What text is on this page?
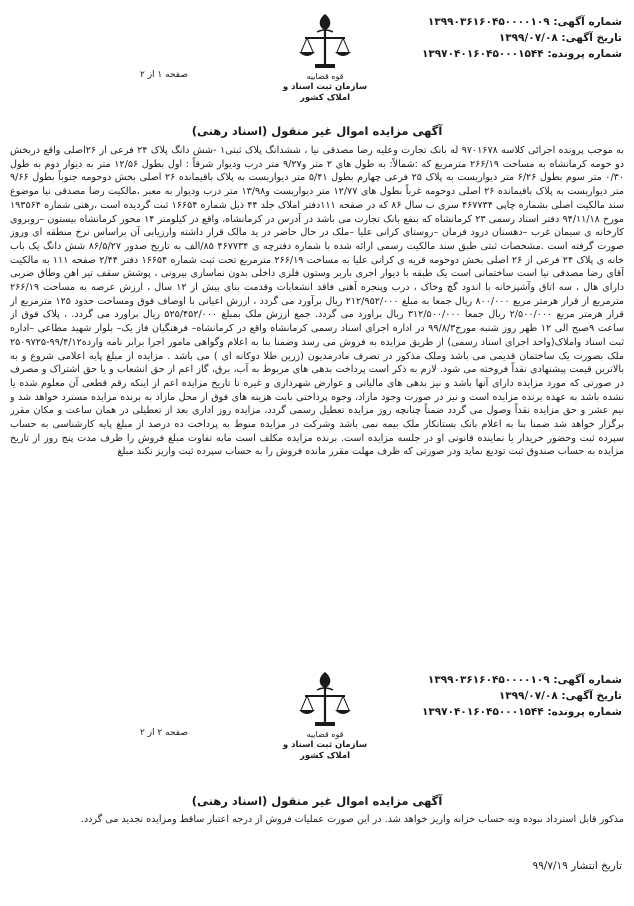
شماره آگهی: ۱۳۹۹۰۳۶۱۶۰۴۵۰۰۰۰۱۰۹
تاریخ آگهی: ۱۳۹۹/۰۷/۰۸
شماره پرونده: ۱۳۹۷۰۴۰۱۶۰۴۵۰۰۰۱۵۴۴
قوه قضاییه
سازمان ثبت اسناد و املاک کشور
صفحه ۱ از ۲
آگهی مزایده اموال غیر منقول (اسناد رهنی)
به موجب پرونده اجرائی کلاسه ۹۷۰۱۶۷۸ له بانک تجارت وعلیه رضا مصدقی نیا ، ششدانگ پلاک ثبتی۱ -شش دانگ پلاک ۲۴ فرعی از ۲۶اصلی واقع دربخش دو حومه کرمانشاه به مساحت ۲۶۶/۱۹ مترمربع که :شمالاً: به طول های ۲ متر و۹/۲۷ متر درب ودیوار شرقاً : اول بطول ۱۲/۵۶ متر به دیوار دوم به طول ۰/۳۰ متر سوم بطول ۶/۲۶ متر دیواربست به پلاک ۲۵ فرعی چهارم بطول ۵/۴۱ متر دیواربست به پلاک باقیمانده ۲۶ اصلی بخش دوحومه جنوباً بطول ۹/۶۶ متر دیواربست به پلاک باقیمانده ۲۶ اصلی دوحومه غرباً بطول های ۱۲/۷۷ متر دیواربست و۱۳/۹۸ متر درب ودیوار به معبر ،مالکیت رضا مصدقی نیا موضوع سند مالکیت اصلی بشماره چاپی ۴۶۷۷۳۴ سری ب سال ۸۶ که در صفحه ۱۱۱دفتر املاک جلد ۴۴ ذیل شماره ۱۶۶۵۴ ثبت گردیده است ،رهنی شماره ۱۹۳۵۶۴ مورخ ۹۴/۱۱/۱۸ دفتر اسناد رسمی ۲۳ کرمانشاه که بنفع بانک تجارت می باشد در آدرس در کرمانشاه، واقع در کیلومتر ۱۴ محور کرمانشاه بیستون –روبروی کارخانه ی سیمان غرب –دهستان درود فرمان –روستای کرانی علیا –ملک در حال حاضر در ید مالک قرار داشته وارزیابی آن براساس نرخ منطقه ای وروز صورت گرفته است .مشخصات ثبتی طبق سند مالکیت رسمی ارائه شده با شماره دفترچه ی ۴۶۷۷۳۴ ۸۵/الف به تاریخ صدور ۸۶/۵/۲۷ شش دانگ یک باب خانه ی پلاک ۲۴ فرعی از ۲۶ اصلی بخش دوحومه قریه ی کرانی علیا به مساحت ۲۶۶/۱۹ مترمربع تحت ثبت شماره ۱۶۶۵۴ دفتر ۲/۴۴ صفحه ۱۱۱ به مالکیت آقای رضا مصدقی نیا است ساختمانی است یک طبقه با دیوار اجری باربر وستون فلزی داخلی بدون نماسازی بیرونی ، پوشش سقف تیر اهن وطاق ضربی دارای هال ، سه اتاق وآشپزخانه با اندود گچ وخاک ، درب وپنجره آهنی فاقد انشعابات وقدمت بنای بیش از ۱۲ سال ، ارزش عرصه به مساحت ۲۶۶/۱۹ مترمربع از قرار هرمتر مربع ۸۰۰/۰۰۰ ریال جمعا به مبلغ ۲۱۲/۹۵۲/۰۰۰ ریال برآورد می گردد ، ارزش اعیانی با اوصاف فوق ومساحت حدود ۱۲۵ مترمربع از قرار هرمتر مربع ۲/۵۰۰/۰۰۰ ریال جمعا ۳۱۲/۵۰۰/۰۰۰ ریال براورد می گردد. جمع ارزش ملک بمبلغ ۵۲۵/۴۵۲/۰۰۰ ریال براورد می گردد. ، پلاک فوق از ساعت ۹صبح الی ۱۲ ظهر روز شنبه مورخ۹۹/۸/۳ در اداره اجرای اسناد رسمی کرمانشاه واقع در کرمانشاه– فرهنگیان فاز یک– بلوار شهید مطاعی –اداره ثبت اسناد واملاک(واحد اجرای اسناد رسمی) از طریق مزایده به فروش می رسد وضمنا بنا به اعلام وگواهی مامور اجرا برابر نامه وارده۹۹/۴/۱۲-۲۵۰۹۷۲۵ ملک بصورت یک ساختمان قدیمی می باشد وملک مذکور در تصرف مادرمدیون (زرین طلا دوکانه ای ) می باشد . مزایده از مبلغ پایه اعلامی شروع و به بالاترین قیمت پیشنهادی نقداً فروخته می شود. لازم به ذکر است پرداخت بدهی های مربوط به آب، برق، گاز اعم از حق انشعاب و یا حق اشتراک و مصرف در صورتی که مورد مزایده دارای آنها باشد و نیز بدهی های مالیاتی و عوارض شهرداری و غیره تا تاریخ مزایده اعم از اینکه رقم قطعی آن معلوم شده یا نشده باشد به عهده برنده مزایده است و نیز در صورت وجود مازاد، وجوه پرداختی بابت هزینه های فوق از محل مازاد به برنده مزایده مسترد خواهد شد و نیم عشر و حق مزایده نقداً وصول می گردد ضمناً چنانچه روز مزایده تعطیل رسمی گردد، مزایده روز اداری بعد از تعطیلی در همان ساعت و مکان مقرر برگزار خواهد شد ضمنا بنا به اعلام بانک بستانکار ملک بیمه نمی باشد وشرکت در مزایده منوط به پرداخت ده درصد از مبلغ پایه کارشناسی به حساب سپرده ثبت وحضور خریدار یا نماینده قانونی او در جلسه مزایده است. برنده مزایده مکلف است مابه تفاوت مبلغ فروش را ظرف مدت پنج روز از تاریخ مزایده به حساب صندوق ثبت توديع نمايد ودر صورتی که ظرف مهلت مقرر مانده فروش را به حساب سپرده ثبت واریز نکند مبلغ
شماره آگهی: ۱۳۹۹۰۳۶۱۶۰۴۵۰۰۰۰۱۰۹
تاریخ آگهی: ۱۳۹۹/۰۷/۰۸
شماره پرونده: ۱۳۹۷۰۴۰۱۶۰۴۵۰۰۰۱۵۴۴
قوه قضاییه
سازمان ثبت اسناد و املاک کشور
صفحه ۲ از ۲
آگهی مزایده اموال غیر منقول (اسناد رهنی)
مذکور قابل استرداد نبوده وبه حساب خزانه واریز خواهد شد. در این صورت عملیات فروش از درجه اعتبار ساقط ومزایده تجدید می گردد.
تاریخ انتشار ۹۹/۷/۱۹
